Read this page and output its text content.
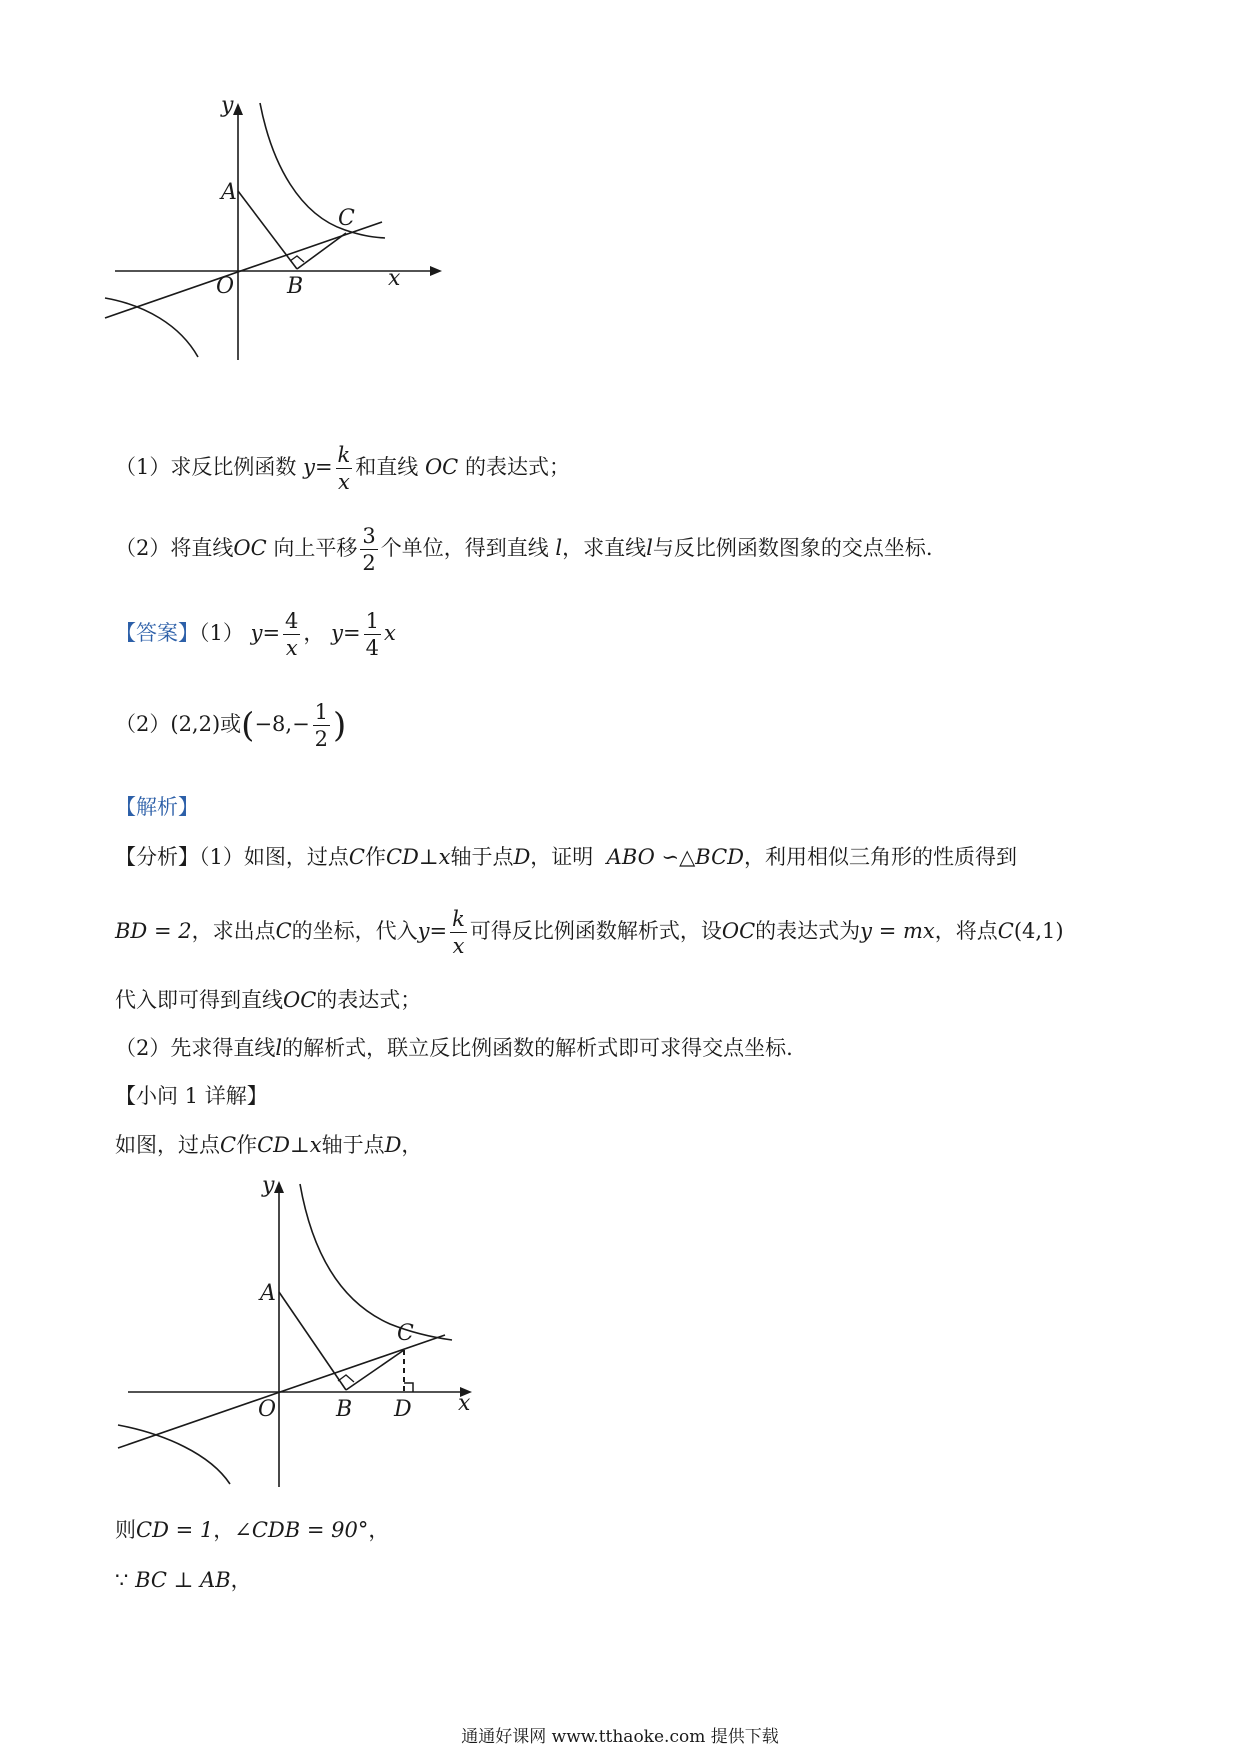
y
x
A
C
O B
（1）求反比例函数 $y= \frac{k}{x}$ 和直线 OC 的表达式；
（2）将直线OC 向上平移 $\frac{3}{2}$ 个单位，得到直线 l，求直线l与反比例函数图象的交点坐标.
【答案】（1） $y= \frac{4}{x}$ ， $y= \frac{1}{4}$ x
（2）(2,2)或($-8,- \frac{1}{2}$ )
【解析】
【分析】（1）如图，过点C作CD⊥x轴于点D，证明 ABO ∽△BCD，利用相似三角形的性质得到
BD = 2，求出点C的坐标，代入$y= \frac{k}{x}$ 可得反比例函数解析式，设OC的表达式为y = mx，将点C(4,1)
代入即可得到直线OC的表达式；
（2）先求得直线l的解析式，联立反比例函数的解析式即可求得交点坐标.
【小问 1 详解】
如图，过点C作CD⊥x轴于点D，
y
x
A
C
O	B D
则CD = 1，∠CDB = 90°，
∵ BC ⊥ AB，
通通好课网 www.tthaoke.com 提供下载
